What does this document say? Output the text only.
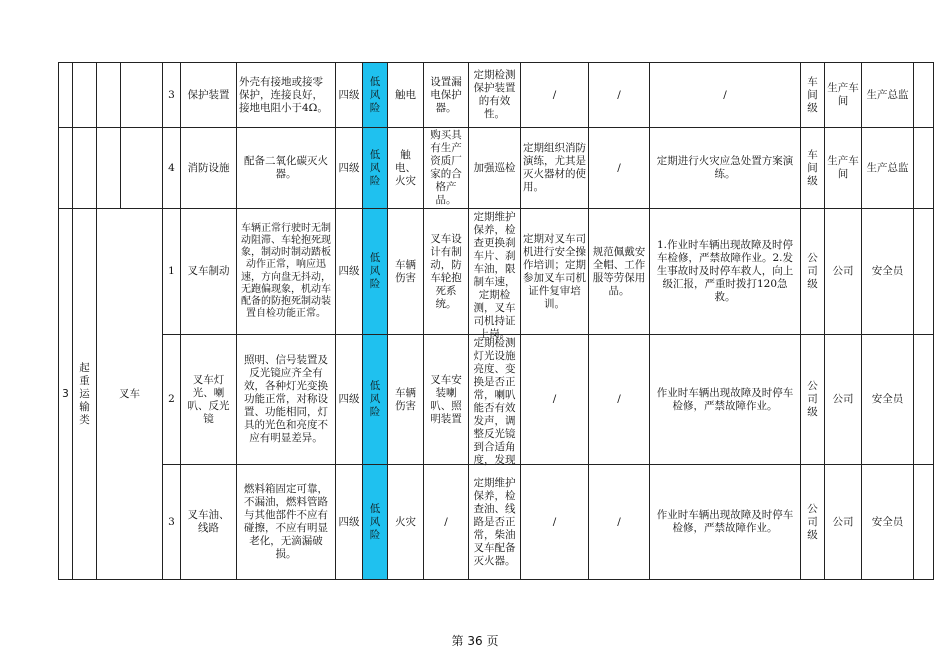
				3	保护装置	外壳有接地或接零保护，连接良好，接地电阻小于4Ω。	四级	低风险	触电	设置漏电保护器。	定期检测保护装置的有效性。	/	/	/	车间级	生产车间	生产总监	
				4	消防设施	配备二氧化碳灭火器。	四级	低风险	触电、火灾	购买具有生产资质厂家的合格产品。	加强巡检	定期组织消防演练，尤其是灭火器材的使用。	/	定期进行火灾应急处置方案演练。	车间级	生产车间	生产总监	
3	起重运输类	叉车		1	叉车制动	车辆正常行驶时无制动阻滞、车轮抱死现象，制动时制动踏板动作正常，响应迅速，方向盘无抖动，无跑偏现象，机动车配备的防抱死制动装置自检功能正常。	四级	低风险	车辆伤害	叉车设计有制动，防车轮抱死系统。	定期维护保养，检查更换刹车片、刹车油，限制车速，定期检测，叉车司机持证上岗。	定期对叉车司机进行安全操作培训；定期参加叉车司机证件复审培训。	规范佩戴安全帽、工作服等劳保用品。	1.作业时车辆出现故障及时停车检修，严禁故障作业。2.发生事故时及时停车救人，向上级汇报，严重时拨打120急救。	公司级	公司	安全员	
				2	叉车灯光、喇叭、反光镜	照明、信号装置及反光镜应齐全有效，各种灯光变换功能正常，对称设置、功能相同，灯具的光色和亮度不应有明显差异。	四级	低风险	车辆伤害	叉车安装喇叭、照明装置	定期检测灯光设施亮度、变换是否正常，喇叭能否有效发声，调整反光镜到合适角度，发现	/	/	作业时车辆出现故障及时停车检修，严禁故障作业。	公司级	公司	安全员	
				3	叉车油、线路	燃料箱固定可靠，不漏油，燃料管路与其他部件不应有碰擦，不应有明显老化，无滴漏破损。	四级	低风险	火灾	/	定期维护保养，检查油、线路是否正常，柴油叉车配备灭火器。	/	/	作业时车辆出现故障及时停车检修，严禁故障作业。	公司级	公司	安全员	
第 36 页
